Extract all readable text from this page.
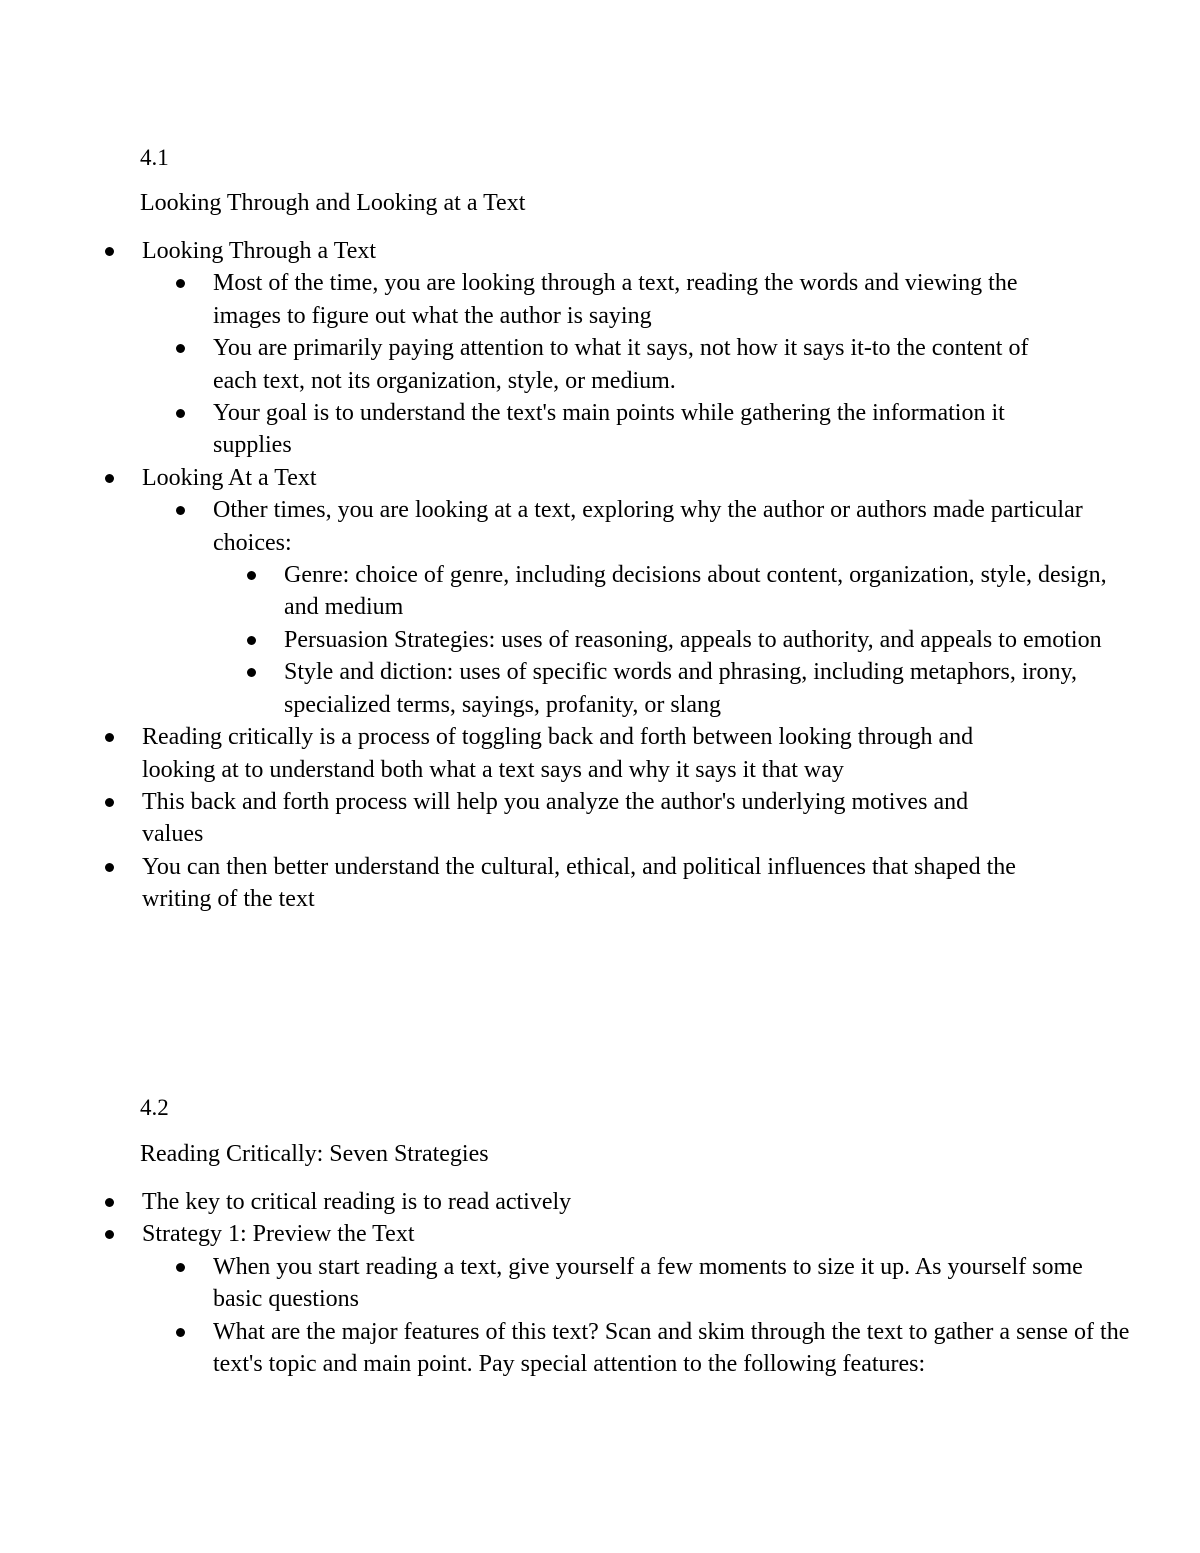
4.1
Looking Through and Looking at a Text
Looking Through a Text
Most of the time, you are looking through a text, reading the words and viewing the images to figure out what the author is saying
You are primarily paying attention to what it says, not how it says it-to the content of each text, not its organization, style, or medium.
Your goal is to understand the text's main points while gathering the information it supplies
Looking At a Text
Other times, you are looking at a text, exploring why the author or authors made particular choices:
Genre: choice of genre, including decisions about content, organization, style, design, and medium
Persuasion Strategies: uses of reasoning, appeals to authority, and appeals to emotion
Style and diction: uses of specific words and phrasing, including metaphors, irony, specialized terms, sayings, profanity, or slang
Reading critically is a process of toggling back and forth between looking through and looking at to understand both what a text says and why it says it that way
This back and forth process will help you analyze the author's underlying motives and values
You can then better understand the cultural, ethical, and political influences that shaped the writing of the text
4.2
Reading Critically: Seven Strategies
The key to critical reading is to read actively
Strategy 1: Preview the Text
When you start reading a text, give yourself a few moments to size it up. As yourself some basic questions
What are the major features of this text? Scan and skim through the text to gather a sense of the text's topic and main point. Pay special attention to the following features:
